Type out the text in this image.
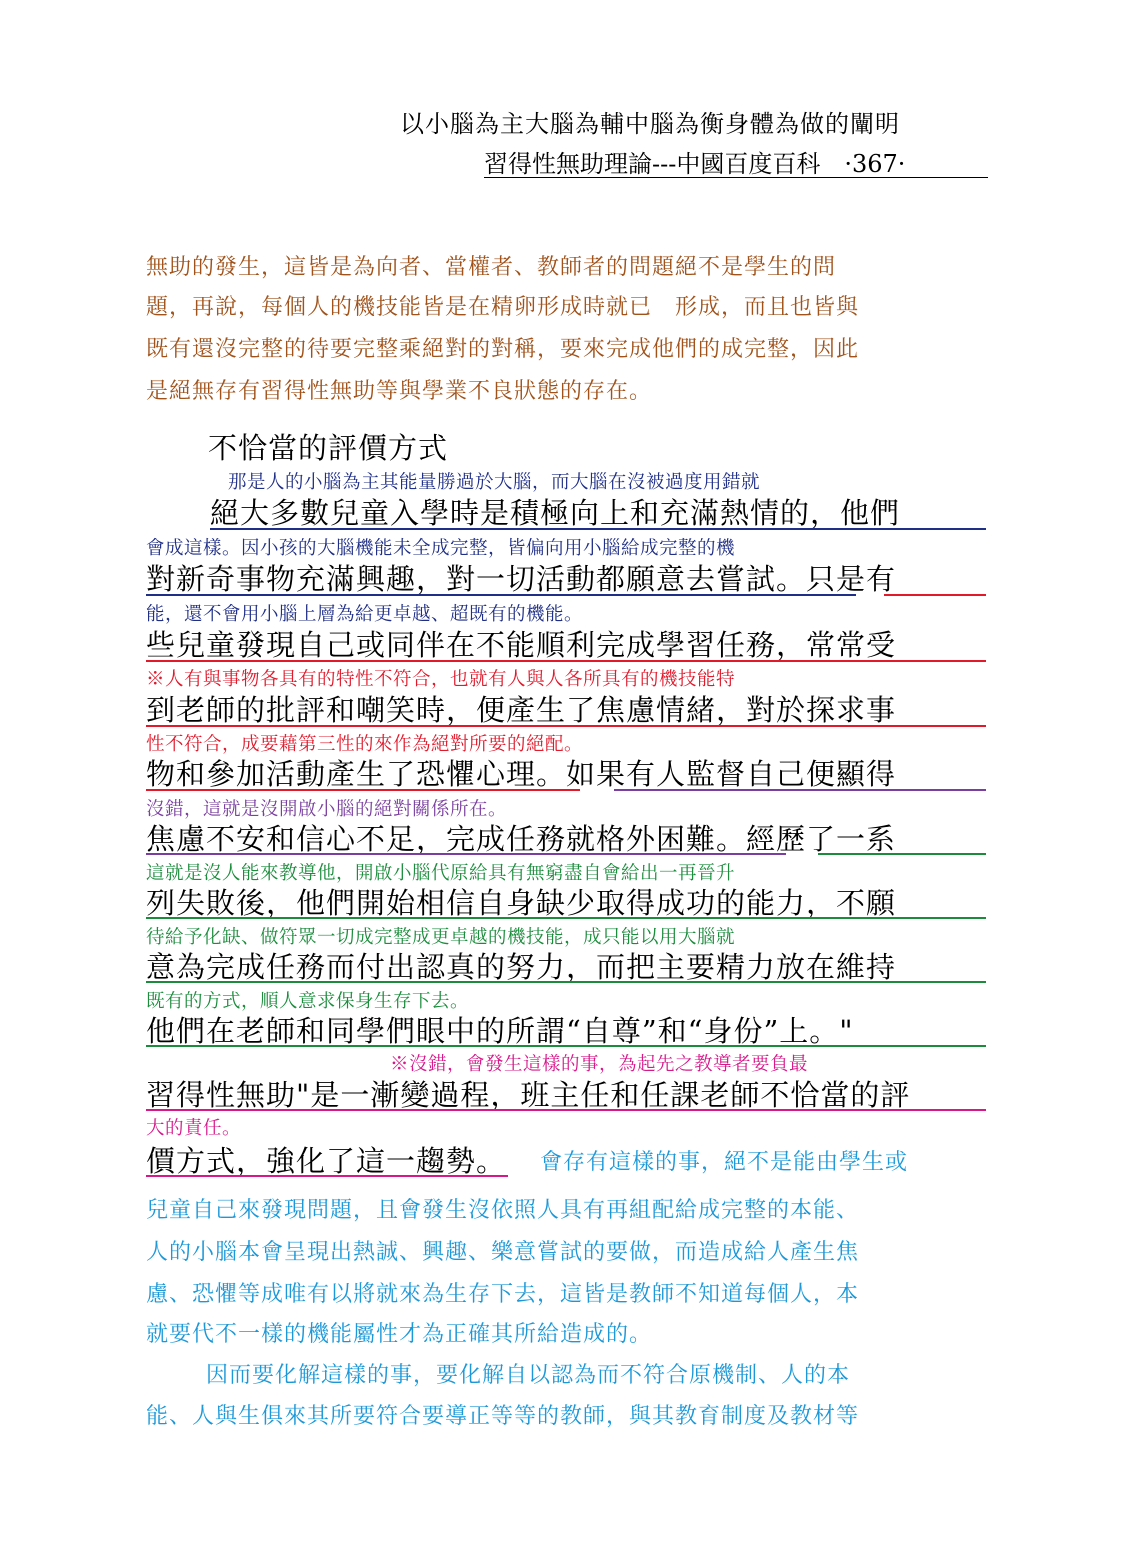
以小腦為主大腦為輔中腦為衡身體為做的闡明
習得性無助理論---中國百度百科　·367·
無助的發生，這皆是為向者、當權者、教師者的問題絕不是學生的問
題，再說，每個人的機技能皆是在精卵形成時就已　形成，而且也皆與
既有還沒完整的待要完整乘絕對的對稱，要來完成他們的成完整，因此
是絕無存有習得性無助等與學業不良狀態的存在。
不恰當的評價方式
那是人的小腦為主其能量勝過於大腦，而大腦在沒被過度用錯就
絕大多數兒童入學時是積極向上和充滿熱情的，他們
會成這樣。因小孩的大腦機能未全成完整，皆偏向用小腦給成完整的機
對新奇事物充滿興趣，對一切活動都願意去嘗試。只是有
能，還不會用小腦上層為給更卓越、超既有的機能。
些兒童發現自己或同伴在不能順利完成學習任務，常常受
※人有與事物各具有的特性不符合，也就有人與人各所具有的機技能特
到老師的批評和嘲笑時，便產生了焦慮情緒，對於探求事
性不符合，成要藉第三性的來作為絕對所要的絕配。
物和參加活動產生了恐懼心理。如果有人監督自己便顯得
沒錯，這就是沒開啟小腦的絕對關係所在。
焦慮不安和信心不足，完成任務就格外困難。經歷了一系
這就是沒人能來教導他，開啟小腦代原給具有無窮盡自會給出一再晉升
列失敗後，他們開始相信自身缺少取得成功的能力，不願
待給予化缺、做符眾一切成完整成更卓越的機技能，成只能以用大腦就
意為完成任務而付出認真的努力，而把主要精力放在維持
既有的方式，順人意求保身生存下去。
他們在老師和同學們眼中的所謂“自尊”和“身份”上。"
※沒錯，會發生這樣的事，為起先之教導者要負最
習得性無助"是一漸變過程，班主任和任課老師不恰當的評
大的責任。
價方式，強化了這一趨勢。 會存有這樣的事，絕不是能由學生或
兒童自己來發現問題，且會發生沒依照人具有再組配給成完整的本能、
人的小腦本會呈現出熱誠、興趣、樂意嘗試的要做，而造成給人產生焦
慮、恐懼等成唯有以將就來為生存下去，這皆是教師不知道每個人，本
就要代不一樣的機能屬性才為正確其所給造成的。
因而要化解這樣的事，要化解自以認為而不符合原機制、人的本
能、人與生俱來其所要符合要導正等等的教師，與其教育制度及教材等
